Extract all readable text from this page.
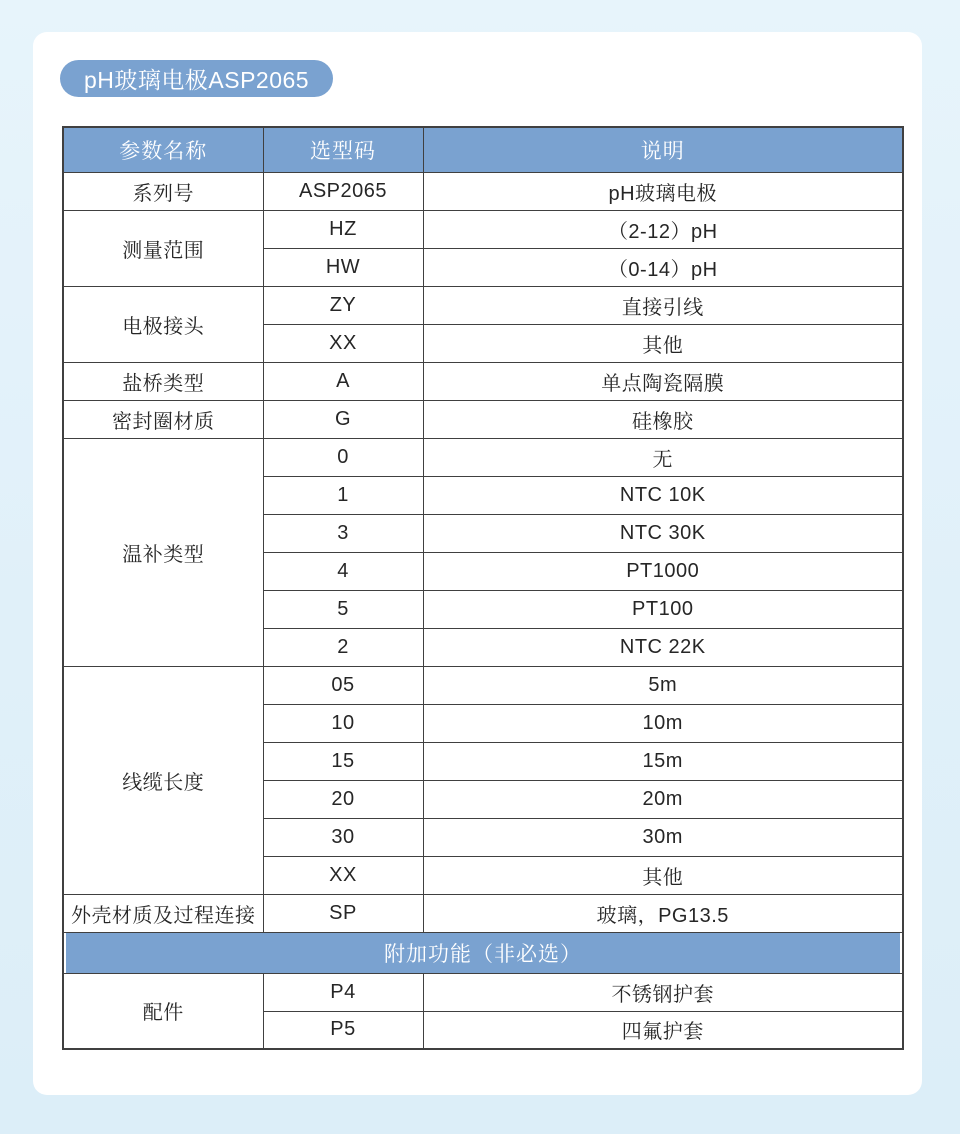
pH玻璃电极ASP2065
参数名称	选型码	说明
系列号	ASP2065	pH玻璃电极
测量范围	HZ	（2-12）pH
	HW	（0-14）pH
电极接头	ZY	直接引线
	XX	其他
盐桥类型	A	单点陶瓷隔膜
密封圈材质	G	硅橡胶
温补类型	0	无
	1	NTC 10K
	3	NTC 30K
	4	PT1000
	5	PT100
	2	NTC 22K
线缆长度	05	5m
	10	10m
	15	15m
	20	20m
	30	30m
	XX	其他
外壳材质及过程连接	SP	玻璃，PG13.5

附加功能（非必选）		

配件	P4	不锈钢护套
	P5	四氟护套
